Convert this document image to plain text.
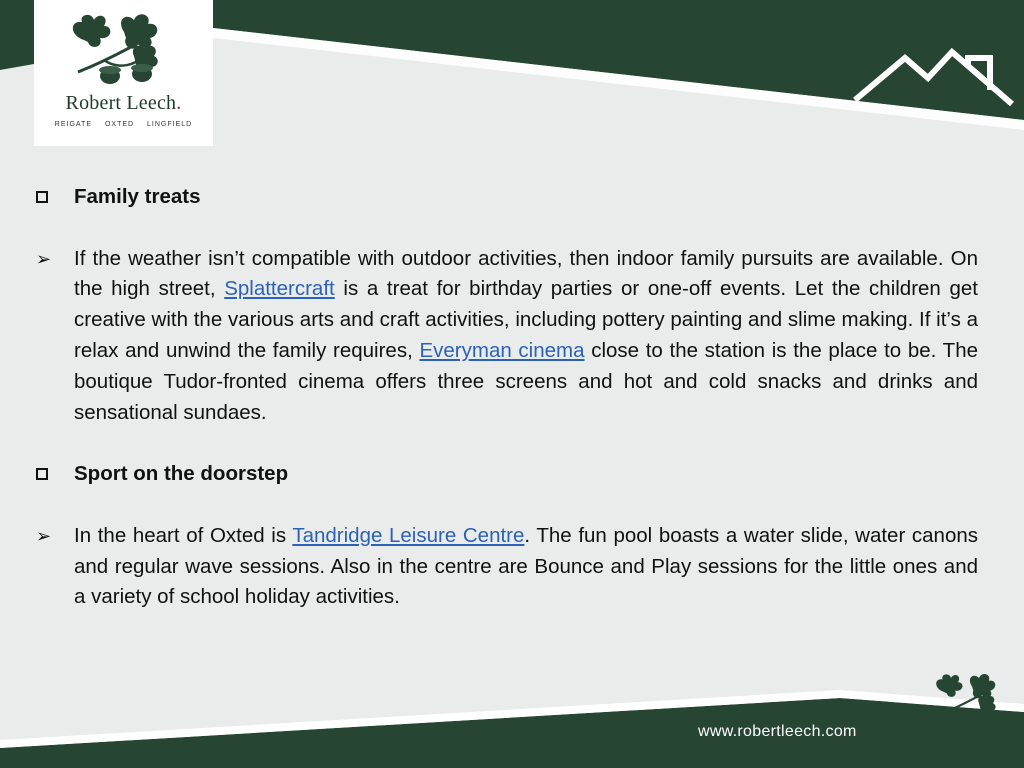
Robert Leech.
REIGATE OXTED LINGFIELD
Family treats
➢	If the weather isn’t compatible with outdoor activities, then indoor family pursuits are available. On the high street, Splattercraft is a treat for birthday parties or one-off events. Let the children get creative with the various arts and craft activities, including pottery painting and slime making. If it’s a relax and unwind the family requires, Everyman cinema close to the station is the place to be. The boutique Tudor-fronted cinema offers three screens and hot and cold snacks and drinks and sensational sundaes.
Sport on the doorstep
➢	In the heart of Oxted is Tandridge Leisure Centre. The fun pool boasts a water slide, water canons and regular wave sessions. Also in the centre are Bounce and Play sessions for the little ones and a variety of school holiday activities.
www.robertleech.com
